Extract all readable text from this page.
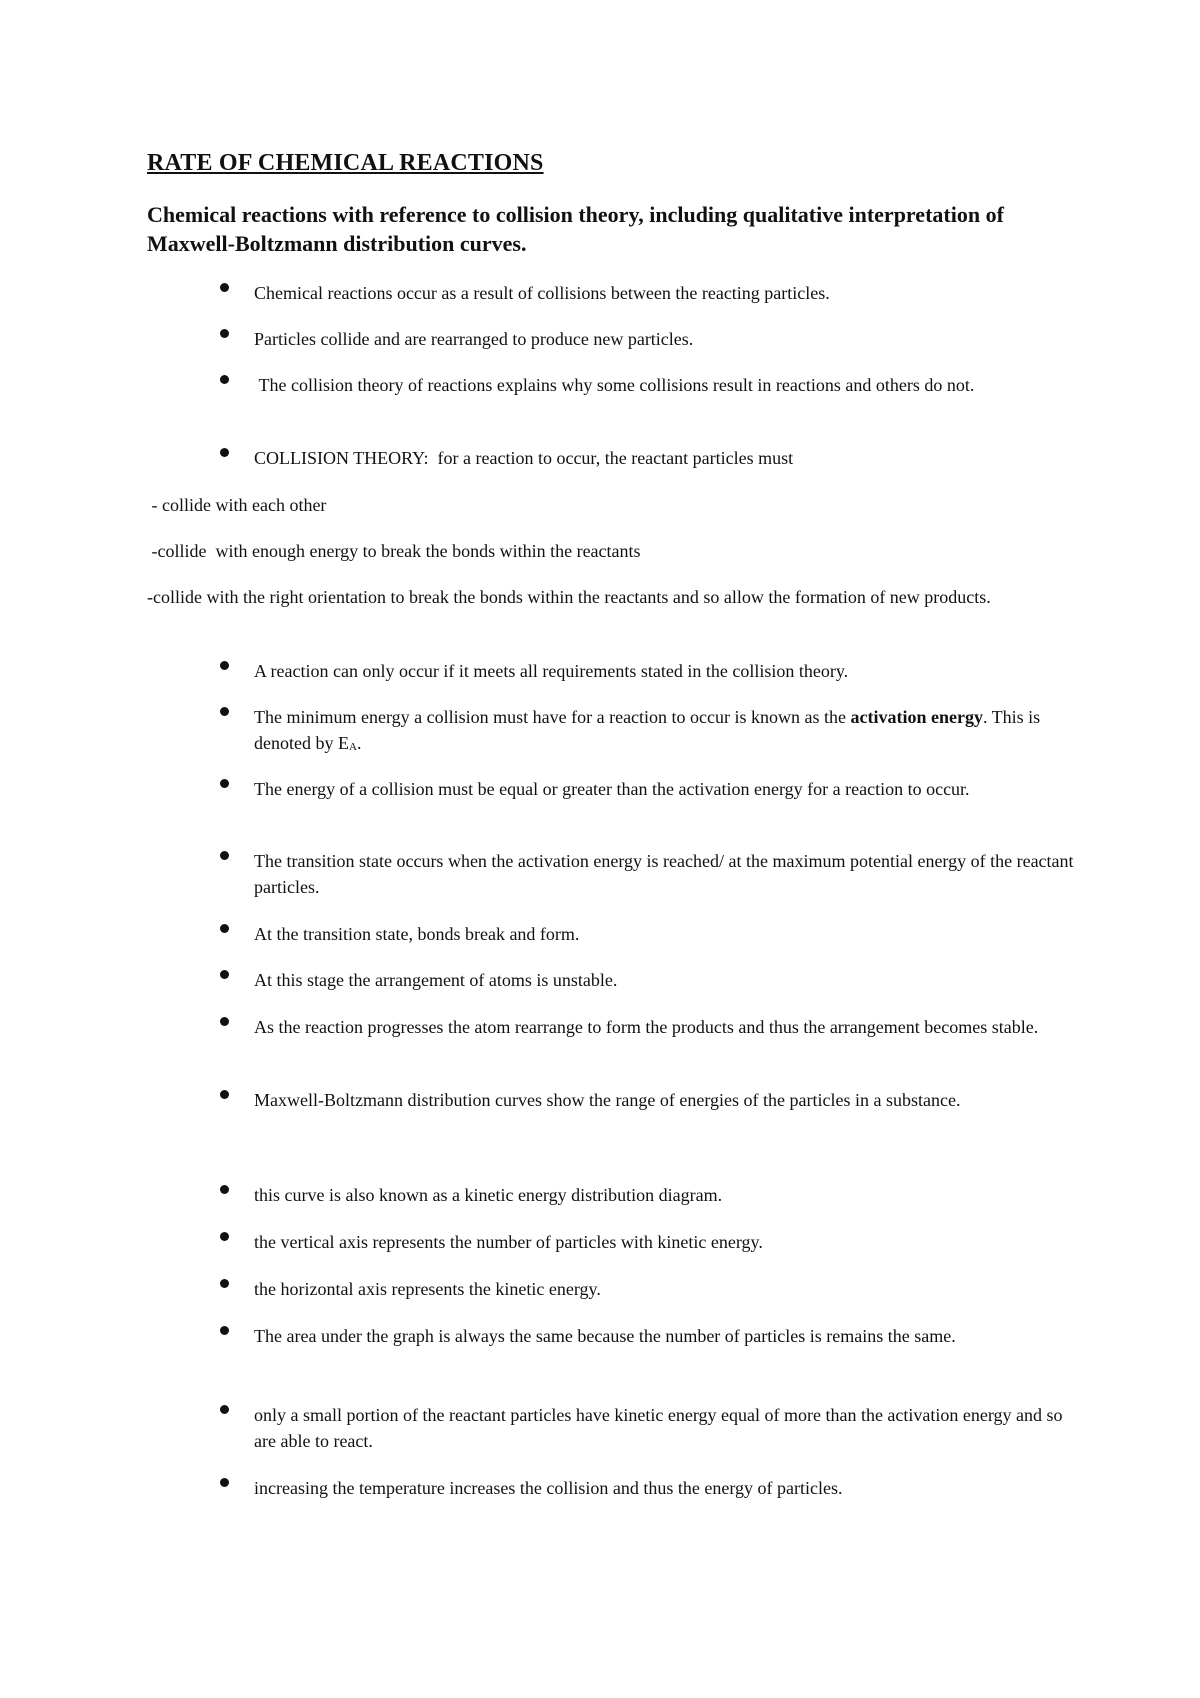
RATE OF CHEMICAL REACTIONS

Chemical reactions with reference to collision theory, including qualitative interpretation of Maxwell-Boltzmann distribution curves.

Chemical reactions occur as a result of collisions between the reacting particles.

Particles collide and are rearranged to produce new particles.

The collision theory of reactions explains why some collisions result in reactions and others do not.

COLLISION THEORY:  for a reaction to occur, the reactant particles must

- collide with each other

-collide  with enough energy to break the bonds within the reactants

-collide with the right orientation to break the bonds within the reactants and so allow the formation of new products.

A reaction can only occur if it meets all requirements stated in the collision theory.

The minimum energy a collision must have for a reaction to occur is known as the activation energy. This is denoted by EA.

The energy of a collision must be equal or greater than the activation energy for a reaction to occur.

The transition state occurs when the activation energy is reached/ at the maximum potential energy of the reactant particles.

At the transition state, bonds break and form.

At this stage the arrangement of atoms is unstable.

As the reaction progresses the atom rearrange to form the products and thus the arrangement becomes stable.

Maxwell-Boltzmann distribution curves show the range of energies of the particles in a substance.

this curve is also known as a kinetic energy distribution diagram.

the vertical axis represents the number of particles with kinetic energy.

the horizontal axis represents the kinetic energy.

The area under the graph is always the same because the number of particles is remains the same.

only a small portion of the reactant particles have kinetic energy equal of more than the activation energy and so are able to react.

increasing the temperature increases the collision and thus the energy of particles.
